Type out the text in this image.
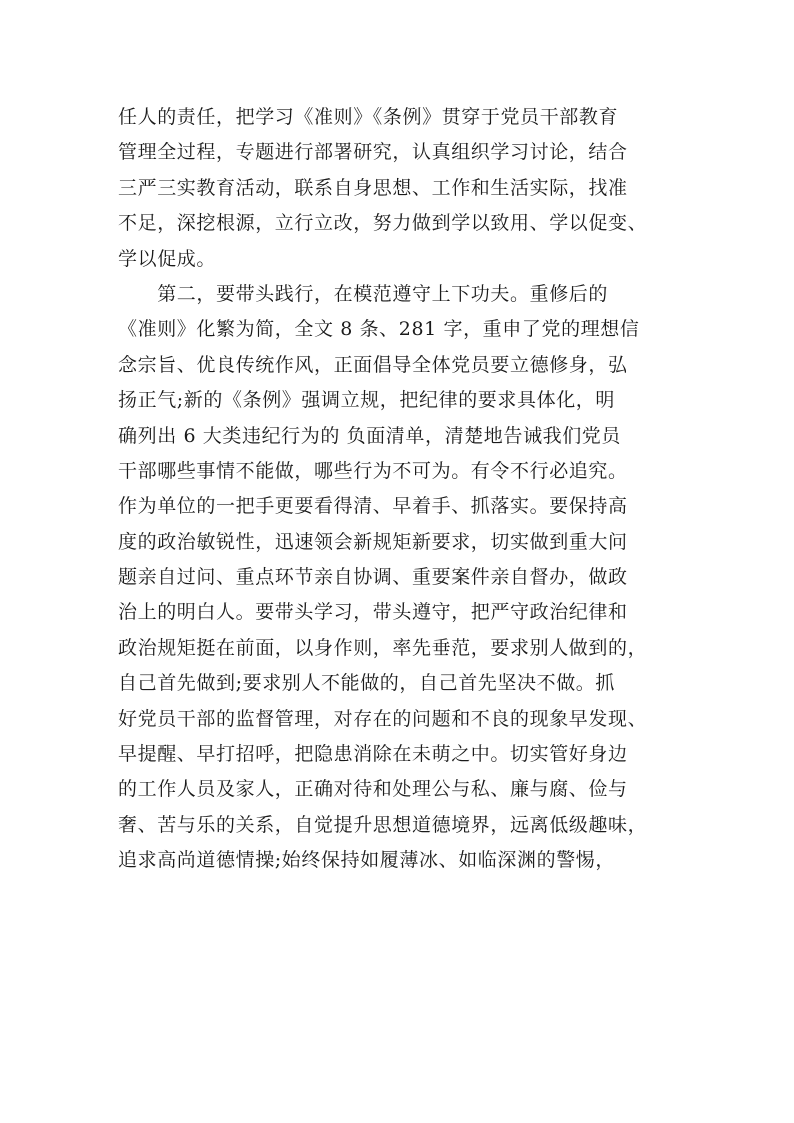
任人的责任，把学习《准则》《条例》贯穿于党员干部教育
管理全过程，专题进行部署研究，认真组织学习讨论，结合
三严三实教育活动，联系自身思想、工作和生活实际，找准
不足，深挖根源，立行立改，努力做到学以致用、学以促变、
学以促成。
　　第二，要带头践行，在模范遵守上下功夫。重修后的
《准则》化繁为简，全文 8 条、281 字，重申了党的理想信
念宗旨、优良传统作风，正面倡导全体党员要立德修身，弘
扬正气;新的《条例》强调立规，把纪律的要求具体化，明
确列出 6 大类违纪行为的 负面清单，清楚地告诫我们党员
干部哪些事情不能做，哪些行为不可为。有令不行必追究。
作为单位的一把手更要看得清、早着手、抓落实。要保持高
度的政治敏锐性，迅速领会新规矩新要求，切实做到重大问
题亲自过问、重点环节亲自协调、重要案件亲自督办，做政
治上的明白人。要带头学习，带头遵守，把严守政治纪律和
政治规矩挺在前面，以身作则，率先垂范，要求别人做到的，
自己首先做到;要求别人不能做的，自己首先坚决不做。抓
好党员干部的监督管理，对存在的问题和不良的现象早发现、
早提醒、早打招呼，把隐患消除在未萌之中。切实管好身边
的工作人员及家人，正确对待和处理公与私、廉与腐、俭与
奢、苦与乐的关系，自觉提升思想道德境界，远离低级趣味，
追求高尚道德情操;始终保持如履薄冰、如临深渊的警惕，
